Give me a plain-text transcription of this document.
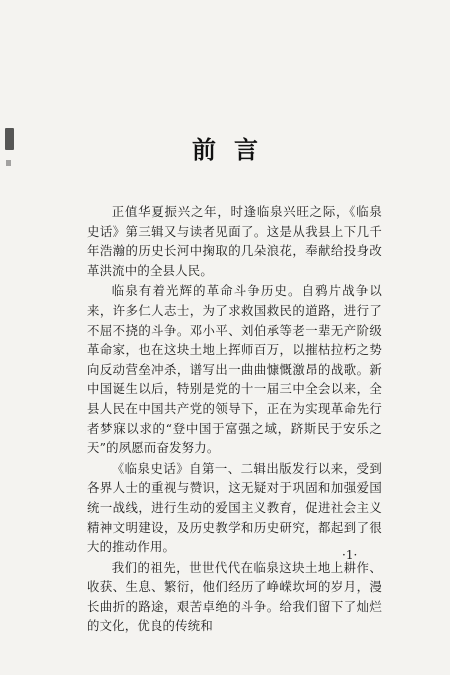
前言

正值华夏振兴之年，时逢临泉兴旺之际，《临泉史话》第三辑又与读者见面了。这是从我县上下几千年浩瀚的历史长河中掬取的几朵浪花，奉献给投身改革洪流中的全县人民。

临泉有着光辉的革命斗争历史。自鸦片战争以来，许多仁人志士，为了求救国救民的道路，进行了不屈不挠的斗争。邓小平、刘伯承等老一辈无产阶级革命家，也在这块土地上挥师百万，以摧枯拉朽之势向反动营垒冲杀，谱写出一曲曲慷慨激昂的战歌。新中国诞生以后，特别是党的十一届三中全会以来，全县人民在中国共产党的领导下，正在为实现革命先行者梦寐以求的“登中国于富强之域，跻斯民于安乐之天”的夙愿而奋发努力。

《临泉史话》自第一、二辑出版发行以来，受到各界人士的重视与赞识，这无疑对于巩固和加强爱国统一战线，进行生动的爱国主义教育，促进社会主义精神文明建设，及历史教学和历史研究，都起到了很大的推动作用。

我们的祖先，世世代代在临泉这块土地上耕作、收获、生息、繁衍，他们经历了峥嵘坎坷的岁月，漫长曲折的路途，艰苦卓绝的斗争。给我们留下了灿烂的文化，优良的传统和

·1·
